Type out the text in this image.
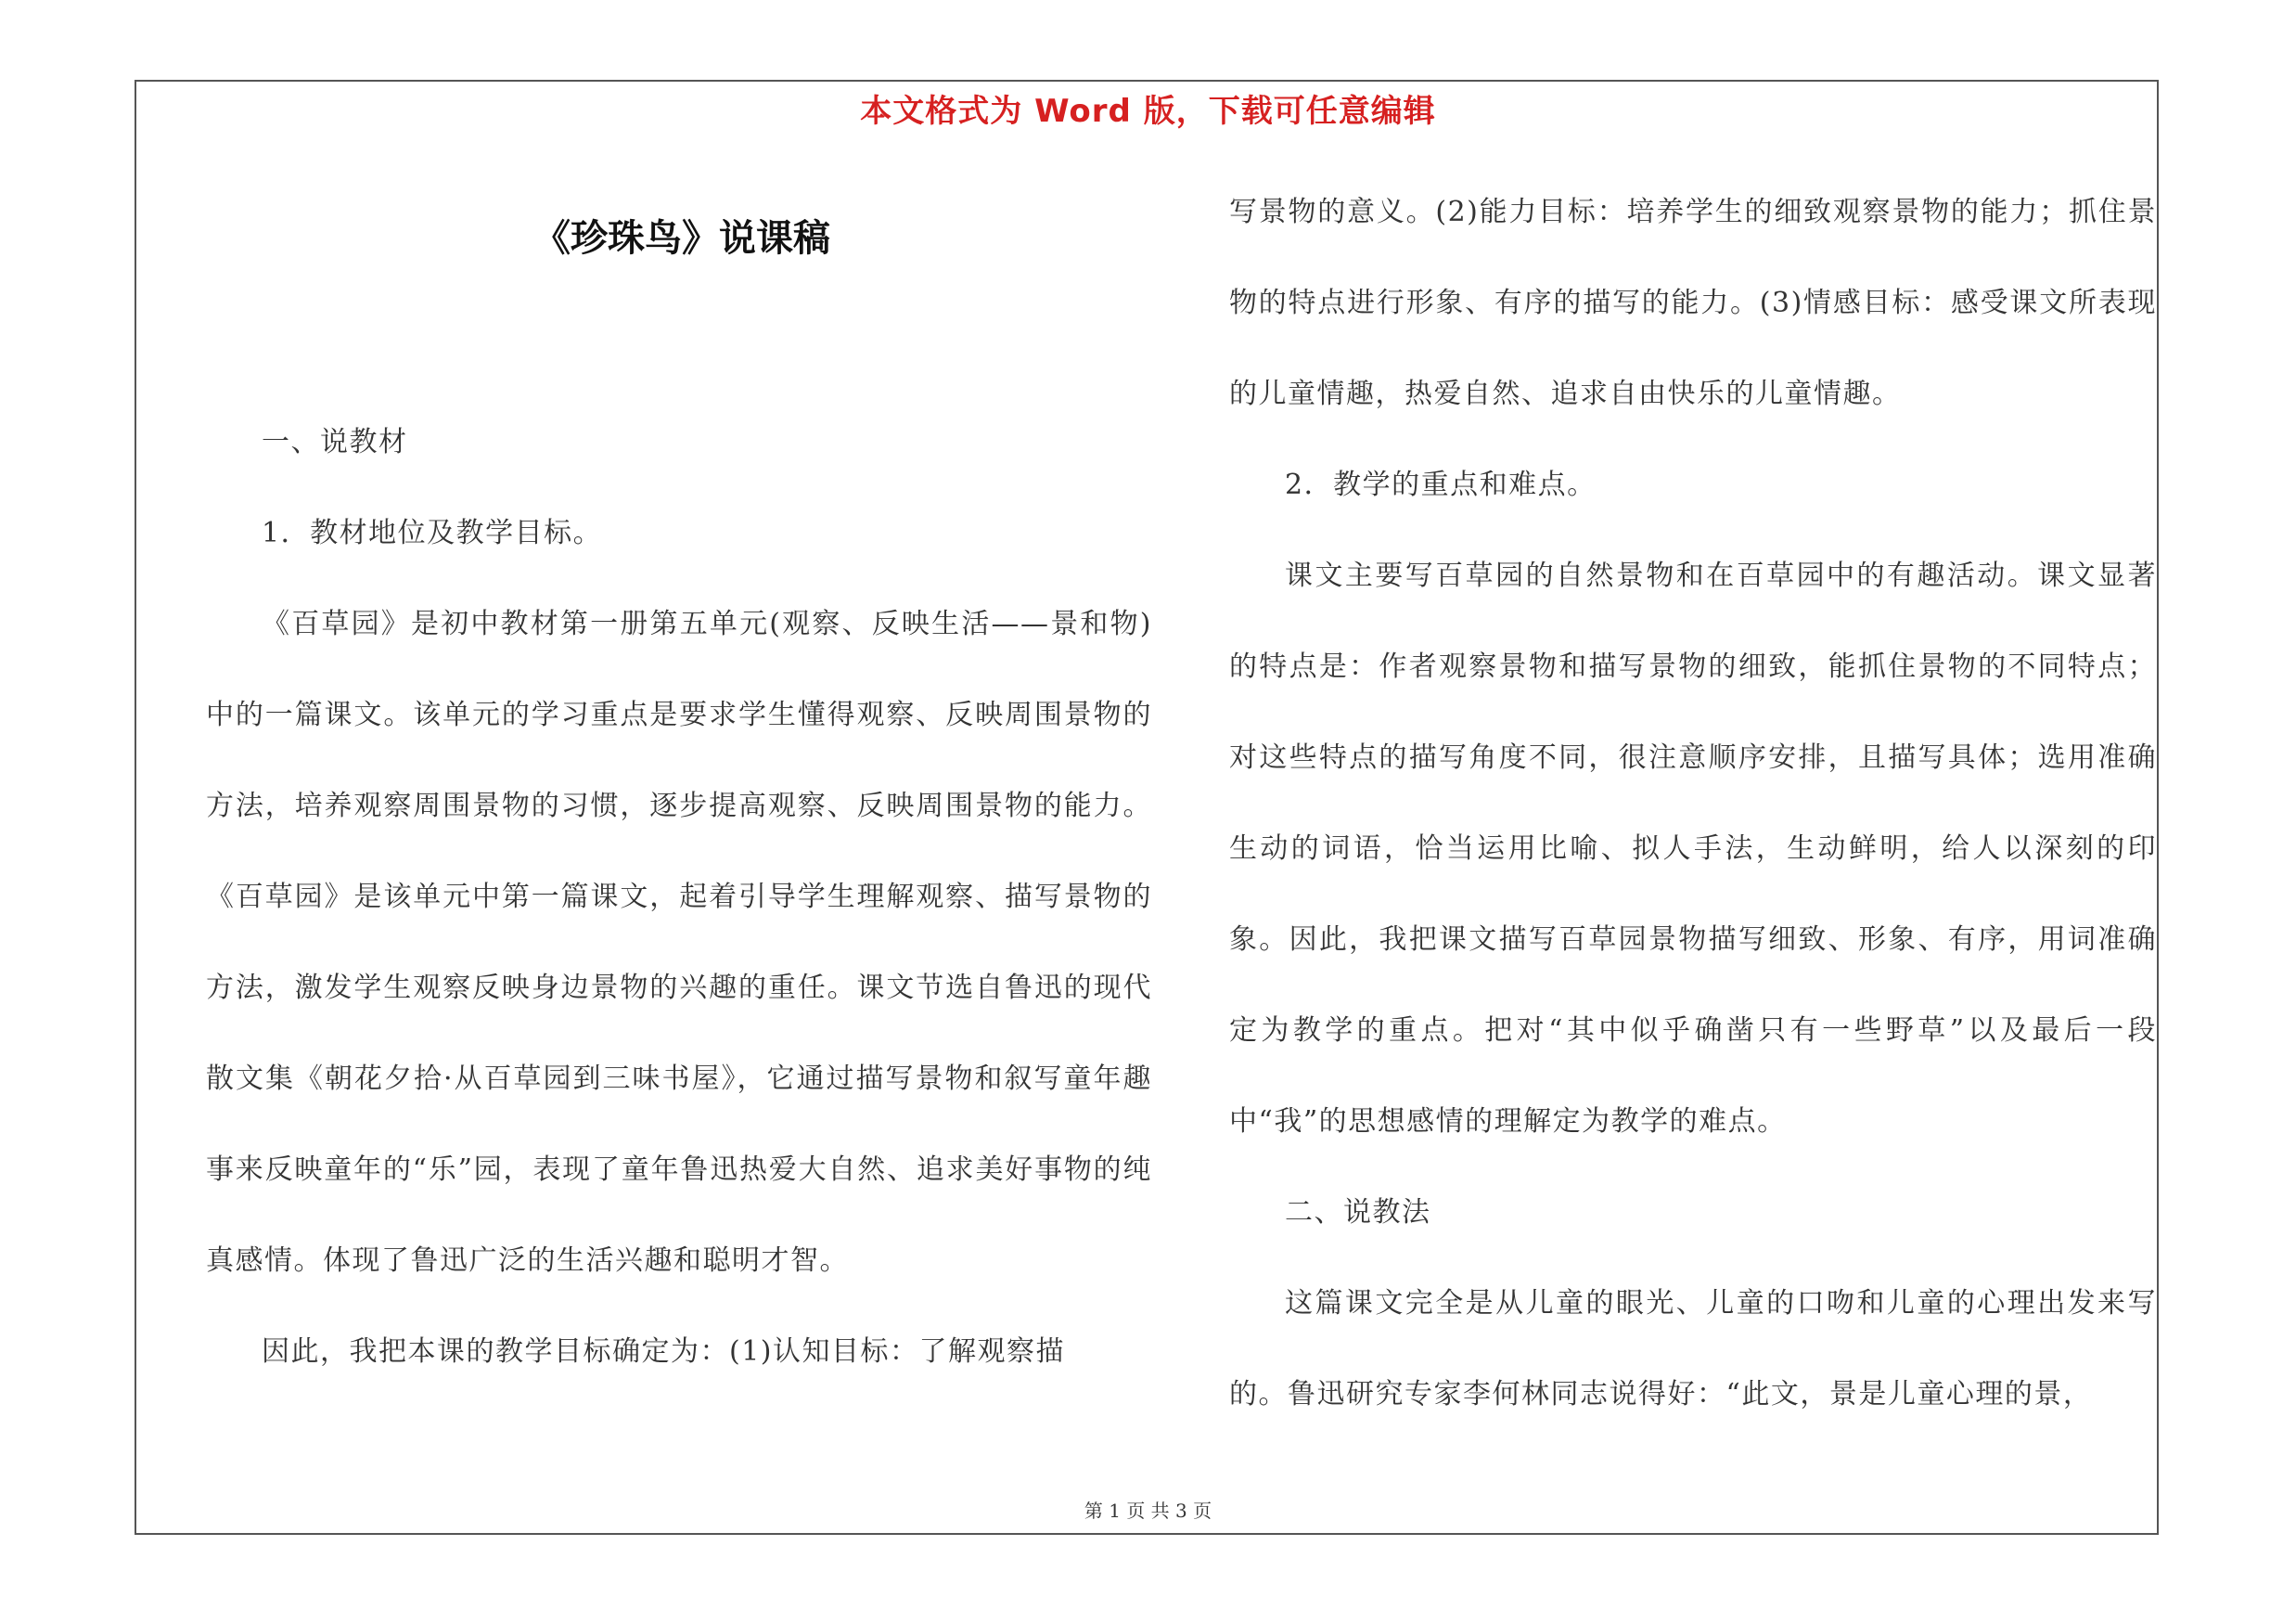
本文格式为 Word 版，下载可任意编辑
《珍珠鸟》说课稿

一、说教材

1．教材地位及教学目标。

《百草园》是初中教材第一册第五单元(观察、反映生活——景和物)中的一篇课文。该单元的学习重点是要求学生懂得观察、反映周围景物的方法，培养观察周围景物的习惯，逐步提高观察、反映周围景物的能力。《百草园》是该单元中第一篇课文，起着引导学生理解观察、描写景物的方法，激发学生观察反映身边景物的兴趣的重任。课文节选自鲁迅的现代散文集《朝花夕拾·从百草园到三味书屋》，它通过描写景物和叙写童年趣事来反映童年的“乐”园，表现了童年鲁迅热爱大自然、追求美好事物的纯真感情。体现了鲁迅广泛的生活兴趣和聪明才智。

因此，我把本课的教学目标确定为：(1)认知目标：了解观察描

写景物的意义。(2)能力目标：培养学生的细致观察景物的能力；抓住景物的特点进行形象、有序的描写的能力。(3)情感目标：感受课文所表现的儿童情趣，热爱自然、追求自由快乐的儿童情趣。

2．教学的重点和难点。

课文主要写百草园的自然景物和在百草园中的有趣活动。课文显著的特点是：作者观察景物和描写景物的细致，能抓住景物的不同特点；对这些特点的描写角度不同，很注意顺序安排，且描写具体；选用准确生动的词语，恰当运用比喻、拟人手法，生动鲜明，给人以深刻的印象。因此，我把课文描写百草园景物描写细致、形象、有序，用词准确定为教学的重点。把对“其中似乎确凿只有一些野草”以及最后一段中“我”的思想感情的理解定为教学的难点。

二、说教法

这篇课文完全是从儿童的眼光、儿童的口吻和儿童的心理出发来写的。鲁迅研究专家李何林同志说得好：“此文，景是儿童心理的景，

第 1 页 共 3 页
